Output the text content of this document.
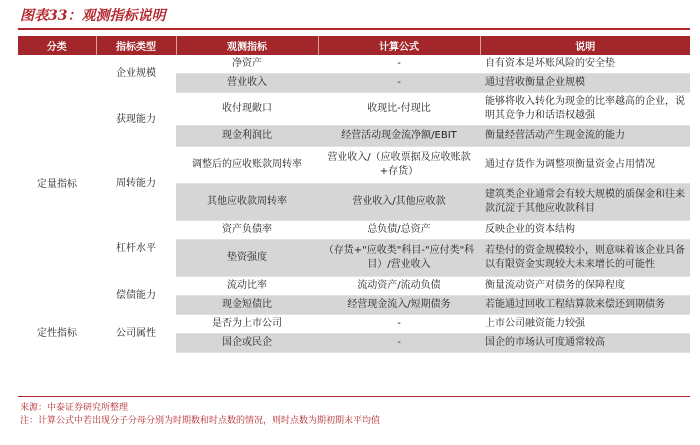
图表33：观测指标说明
分类	指标类型	观测指标	计算公式	说明
定量指标	企业规模	净资产	-	自有资本是坏账风险的安全垫
		营业收入	-	通过营收衡量企业规模
	获现能力	收付现敞口	收现比-付现比	能够将收入转化为现金的比率越高的企业，说明其竞争力和话语权越强
		现金利润比	经营活动现金流净额/EBIT	衡量经营活动产生现金流的能力
	周转能力	调整后的应收账款周转率	营业收入/（应收票据及应收账款+存货）	通过存货作为调整项衡量资金占用情况
		其他应收款周转率	营业收入/其他应收款	建筑类企业通常会有较大规模的质保金和往来款沉淀于其他应收款科目
	杠杆水平	资产负债率	总负债/总资产	反映企业的资本结构
		垫资强度	（存货+"应收类"科目-"应付类"科目）/营业收入	若垫付的资金规模较小，则意味着该企业具备以有限资金实现较大未来增长的可能性
	偿债能力	流动比率	流动资产/流动负债	衡量流动资产对债务的保障程度
		现金短债比	经营现金流入/短期债务	若能通过回收工程结算款来偿还到期债务
定性指标	公司属性	是否为上市公司	-	上市公司融资能力较强
		国企或民企	-	国企的市场认可度通常较高
来源：中泰证券研究所整理
注：计算公式中若出现分子分母分别为时期数和时点数的情况，则时点数为期初期末平均值
